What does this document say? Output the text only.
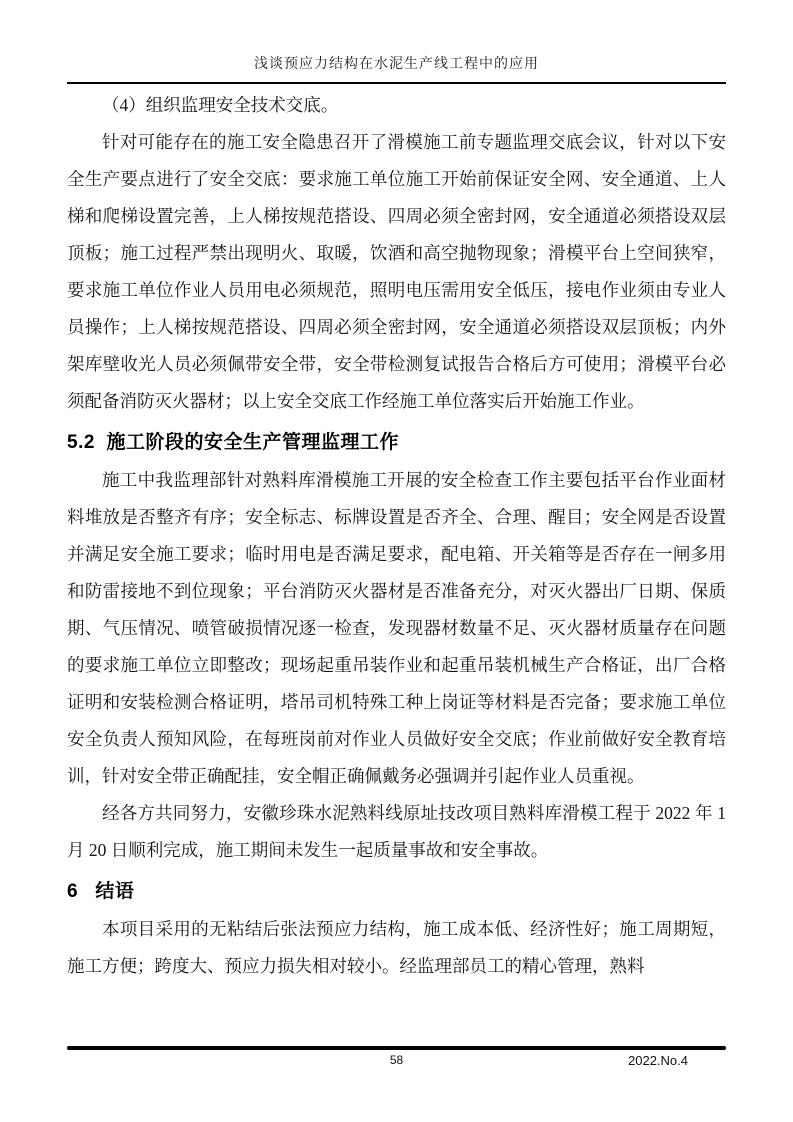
浅谈预应力结构在水泥生产线工程中的应用

（4）组织监理安全技术交底。

针对可能存在的施工安全隐患召开了滑模施工前专题监理交底会议，针对以下安全生产要点进行了安全交底：要求施工单位施工开始前保证安全网、安全通道、上人梯和爬梯设置完善，上人梯按规范搭设、四周必须全密封网，安全通道必须搭设双层顶板；施工过程严禁出现明火、取暖，饮酒和高空抛物现象；滑模平台上空间狭窄，要求施工单位作业人员用电必须规范，照明电压需用安全低压，接电作业须由专业人员操作；上人梯按规范搭设、四周必须全密封网，安全通道必须搭设双层顶板；内外架库壁收光人员必须佩带安全带，安全带检测复试报告合格后方可使用；滑模平台必须配备消防灭火器材；以上安全交底工作经施工单位落实后开始施工作业。

5.2  施工阶段的安全生产管理监理工作

施工中我监理部针对熟料库滑模施工开展的安全检查工作主要包括平台作业面材料堆放是否整齐有序；安全标志、标牌设置是否齐全、合理、醒目；安全网是否设置并满足安全施工要求；临时用电是否满足要求，配电箱、开关箱等是否存在一闸多用和防雷接地不到位现象；平台消防灭火器材是否准备充分，对灭火器出厂日期、保质期、气压情况、喷管破损情况逐一检查，发现器材数量不足、灭火器材质量存在问题的要求施工单位立即整改；现场起重吊装作业和起重吊装机械生产合格证，出厂合格证明和安装检测合格证明，塔吊司机特殊工种上岗证等材料是否完备；要求施工单位安全负责人预知风险，在每班岗前对作业人员做好安全交底；作业前做好安全教育培训，针对安全带正确配挂，安全帽正确佩戴务必强调并引起作业人员重视。

经各方共同努力，安徽珍珠水泥熟料线原址技改项目熟料库滑模工程于 2022 年 1 月 20 日顺利完成，施工期间未发生一起质量事故和安全事故。

6   结语

本项目采用的无粘结后张法预应力结构，施工成本低、经济性好；施工周期短，施工方便；跨度大、预应力损失相对较小。经监理部员工的精心管理，熟料

58	2022.No.4
